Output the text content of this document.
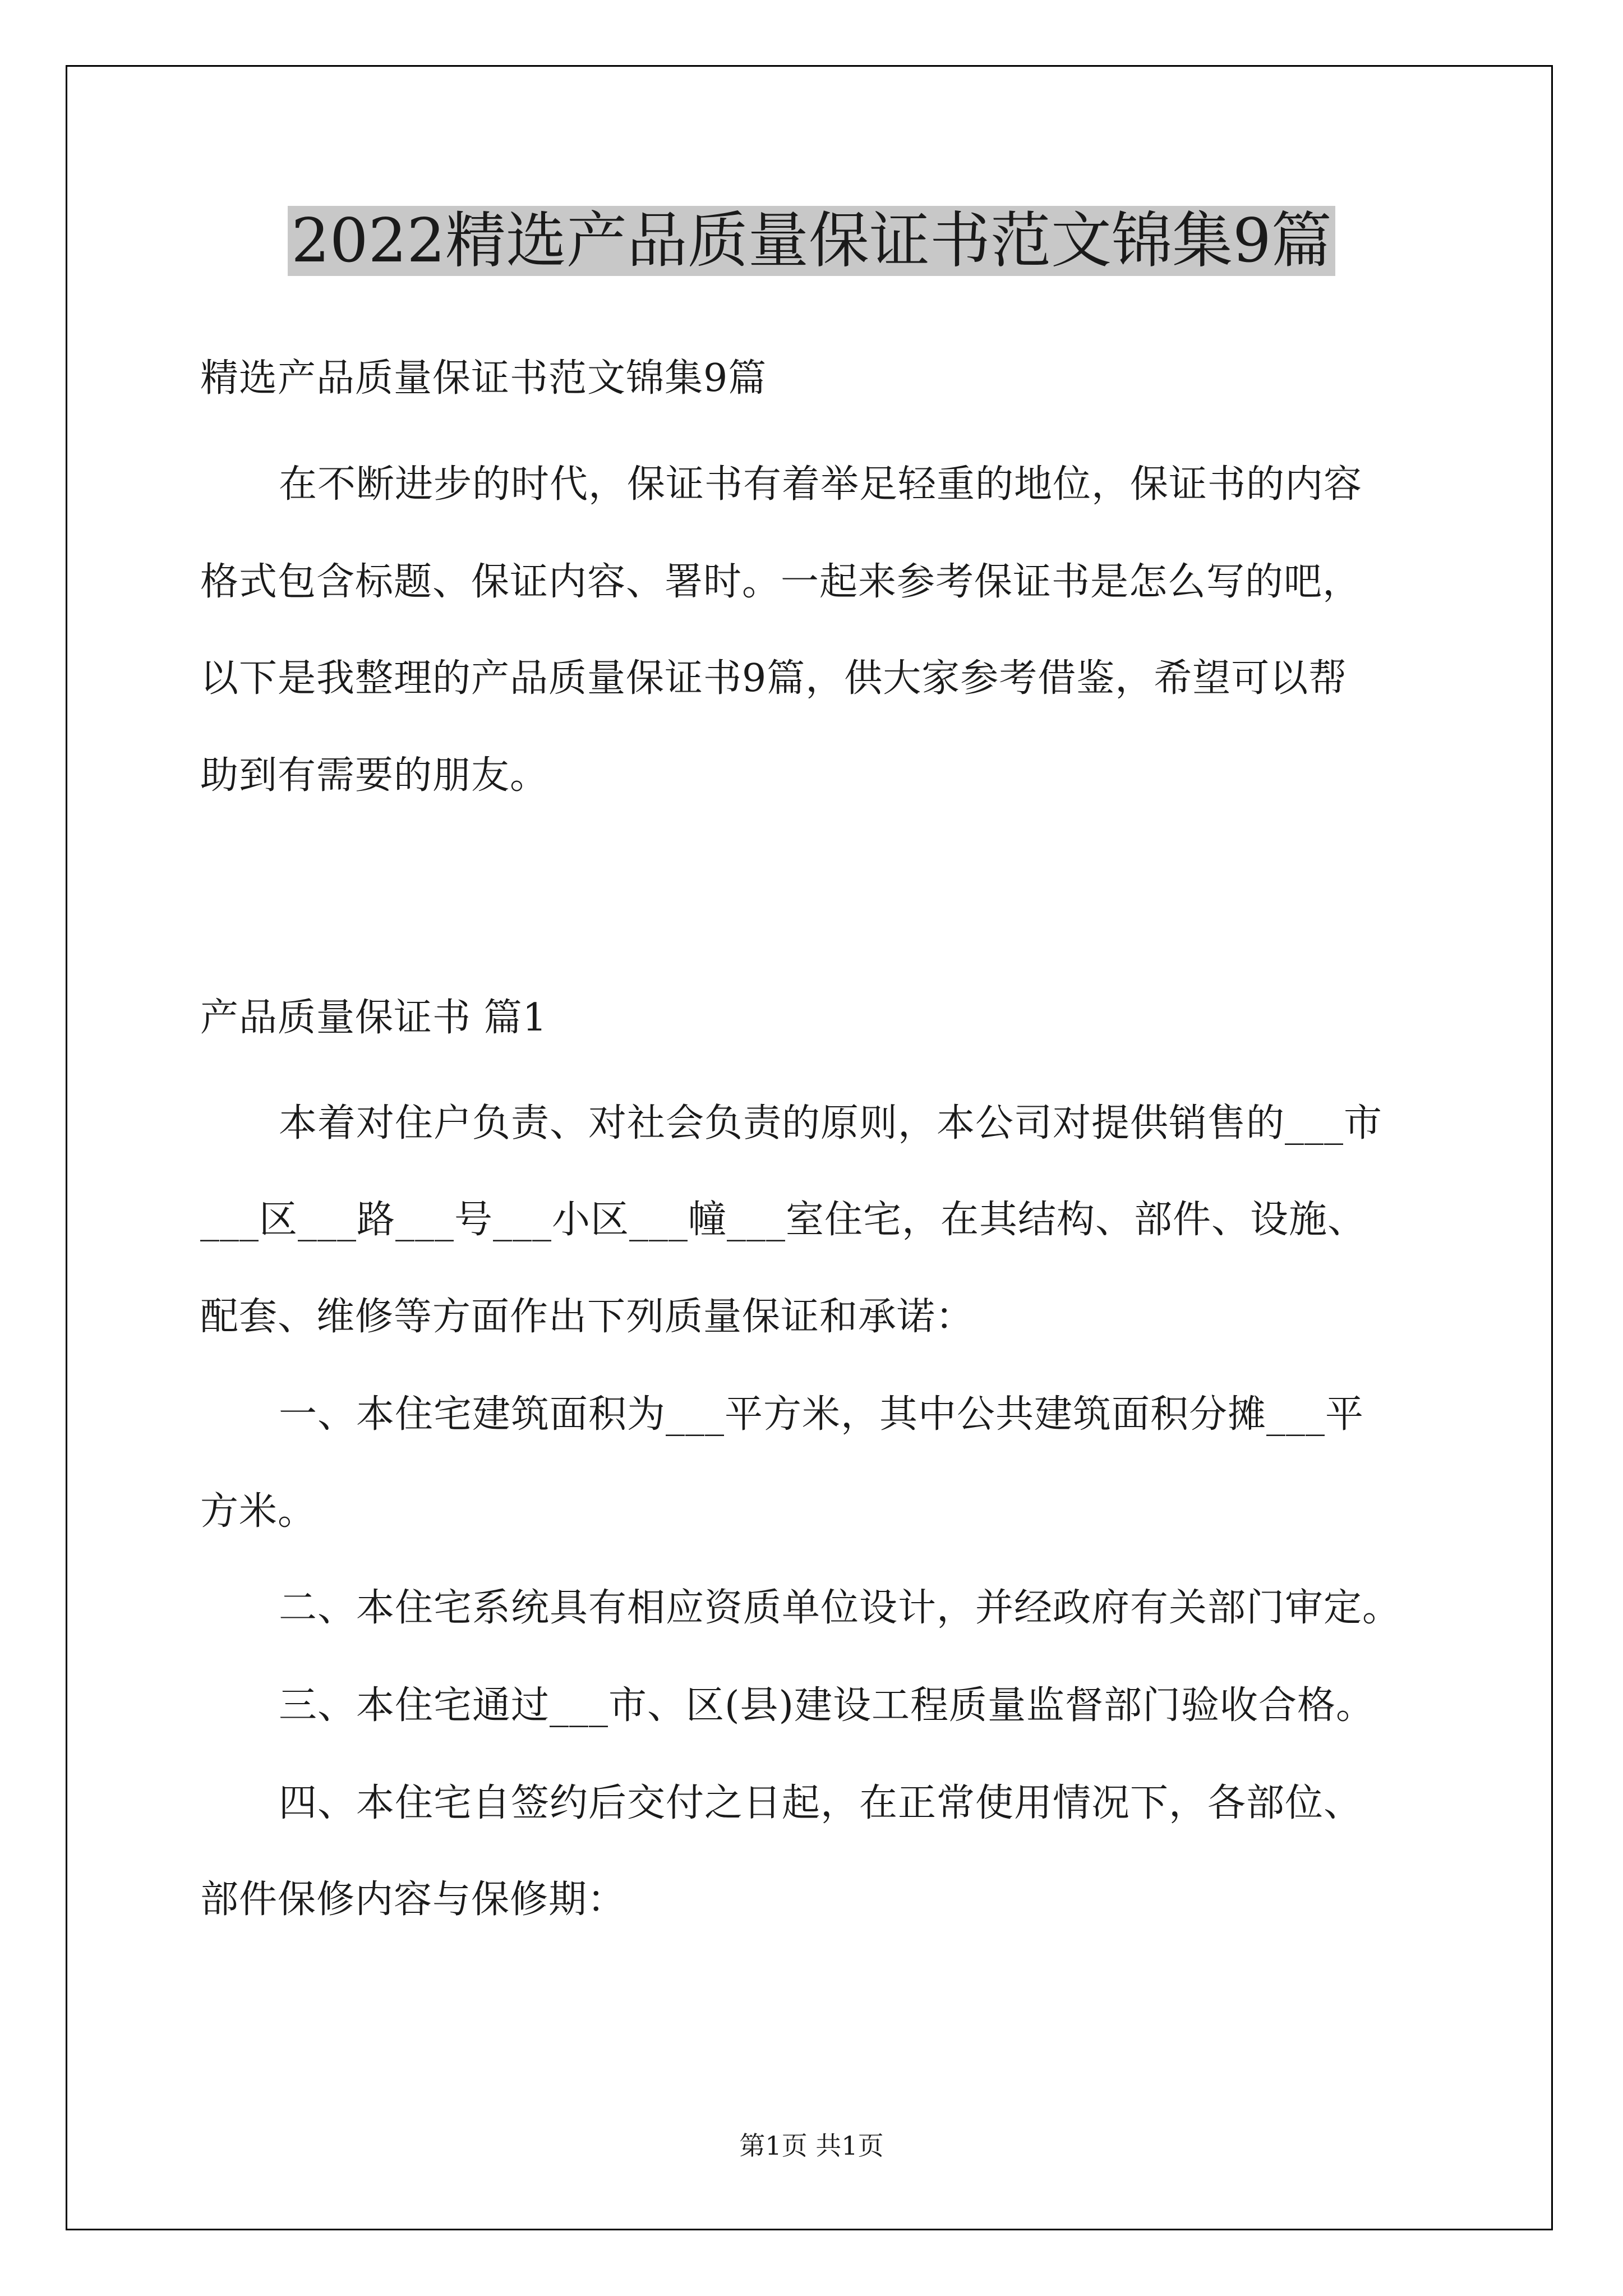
2022精选产品质量保证书范文锦集9篇
精选产品质量保证书范文锦集9篇
在不断进步的时代，保证书有着举足轻重的地位，保证书的内容
格式包含标题、保证内容、署时。一起来参考保证书是怎么写的吧，
以下是我整理的产品质量保证书9篇，供大家参考借鉴，希望可以帮
助到有需要的朋友。
产品质量保证书 篇1
本着对住户负责、对社会负责的原则，本公司对提供销售的___市
___区___路___号___小区___幢___室住宅，在其结构、部件、设施、
配套、维修等方面作出下列质量保证和承诺：
一、本住宅建筑面积为___平方米，其中公共建筑面积分摊___平
方米。
二、本住宅系统具有相应资质单位设计，并经政府有关部门审定。
三、本住宅通过___市、区(县)建设工程质量监督部门验收合格。
四、本住宅自签约后交付之日起，在正常使用情况下，各部位、
部件保修内容与保修期：
第1页 共1页
